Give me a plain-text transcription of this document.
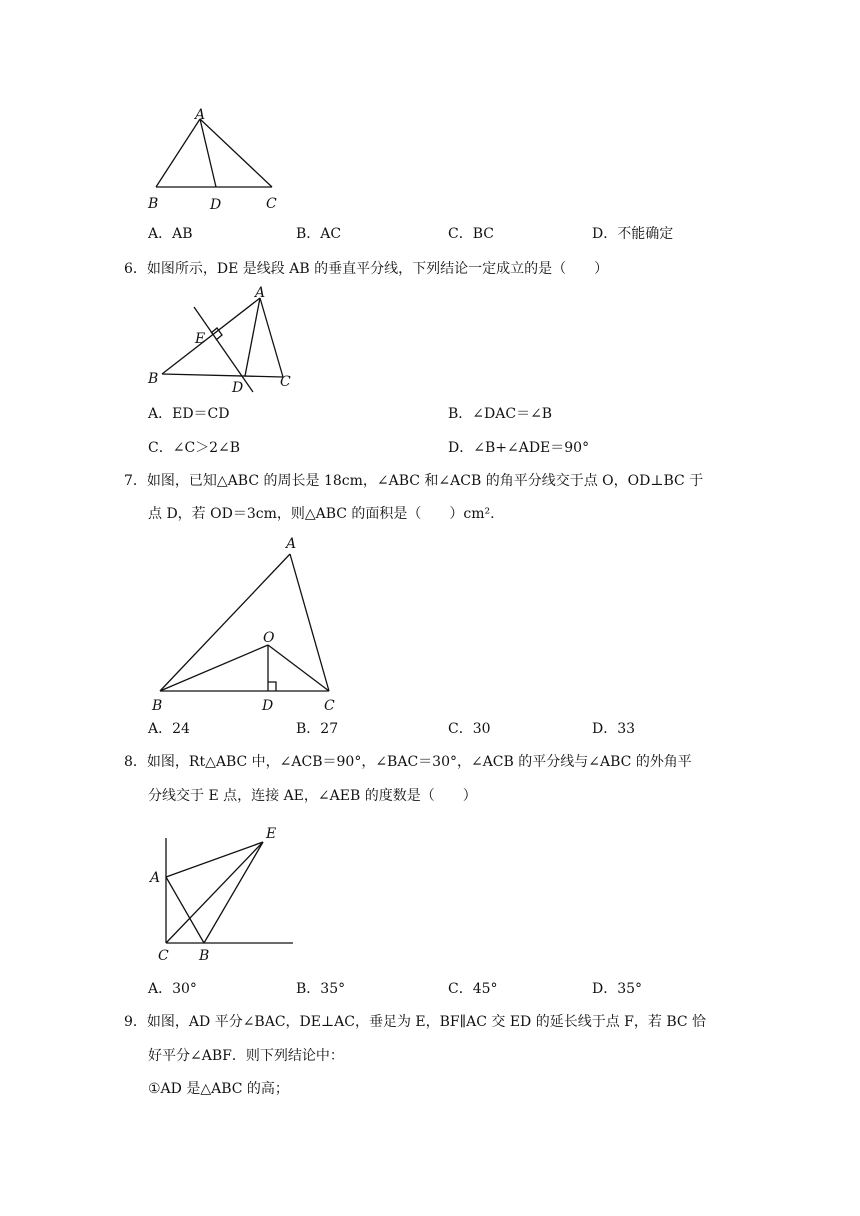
A
B	D	C
A．AB	B．AC	C．BC	D．不能确定
6．如图所示，DE 是线段 AB 的垂直平分线，下列结论一定成立的是（　　）
A
E
B
D	C
A．ED＝CD	B．∠DAC＝∠B
C．∠C＞2∠B	D．∠B+∠ADE＝90°
7．如图，已知△ABC 的周长是 18cm，∠ABC 和∠ACB 的角平分线交于点 O，OD⊥BC 于
点 D，若 OD＝3cm，则△ABC 的面积是（　　）cm².
A
O
B	D	C
A．24	B．27	C．30	D．33
8．如图，Rt△ABC 中，∠ACB＝90°，∠BAC＝30°，∠ACB 的平分线与∠ABC 的外角平
分线交于 E 点，连接 AE，∠AEB 的度数是（　　）
E
A
C B
A．30°	B．35°	C．45°	D．35°
9．如图，AD 平分∠BAC，DE⊥AC，垂足为 E，BF∥AC 交 ED 的延长线于点 F，若 BC 恰
好平分∠ABF．则下列结论中：
①AD 是△ABC 的高；
